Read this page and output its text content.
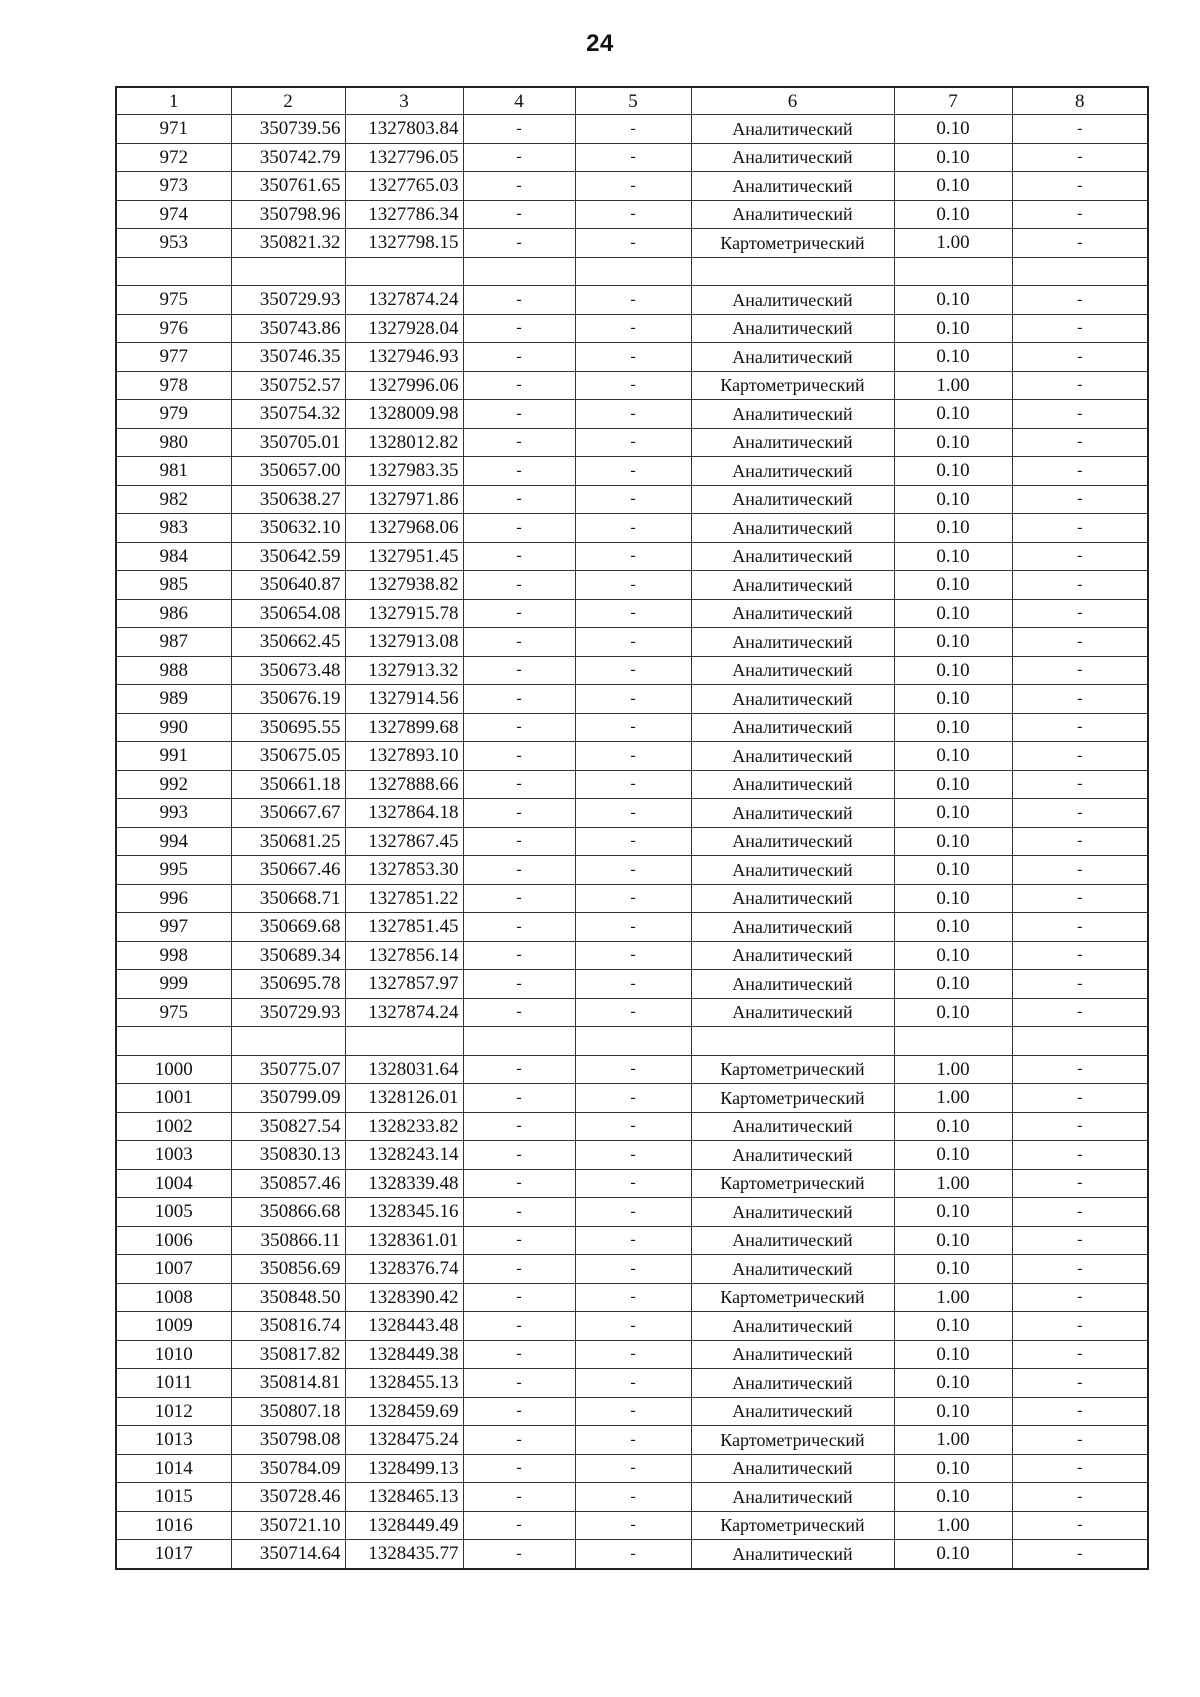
24
1	2	3	4	5	6	7	8
971	350739.56	1327803.84	-	-	Аналитический	0.10	-
972	350742.79	1327796.05	-	-	Аналитический	0.10	-
973	350761.65	1327765.03	-	-	Аналитический	0.10	-
974	350798.96	1327786.34	-	-	Аналитический	0.10	-
953	350821.32	1327798.15	-	-	Картометрический	1.00	-

975	350729.93	1327874.24	-	-	Аналитический	0.10	-
976	350743.86	1327928.04	-	-	Аналитический	0.10	-
977	350746.35	1327946.93	-	-	Аналитический	0.10	-
978	350752.57	1327996.06	-	-	Картометрический	1.00	-
979	350754.32	1328009.98	-	-	Аналитический	0.10	-
980	350705.01	1328012.82	-	-	Аналитический	0.10	-
981	350657.00	1327983.35	-	-	Аналитический	0.10	-
982	350638.27	1327971.86	-	-	Аналитический	0.10	-
983	350632.10	1327968.06	-	-	Аналитический	0.10	-
984	350642.59	1327951.45	-	-	Аналитический	0.10	-
985	350640.87	1327938.82	-	-	Аналитический	0.10	-
986	350654.08	1327915.78	-	-	Аналитический	0.10	-
987	350662.45	1327913.08	-	-	Аналитический	0.10	-
988	350673.48	1327913.32	-	-	Аналитический	0.10	-
989	350676.19	1327914.56	-	-	Аналитический	0.10	-
990	350695.55	1327899.68	-	-	Аналитический	0.10	-
991	350675.05	1327893.10	-	-	Аналитический	0.10	-
992	350661.18	1327888.66	-	-	Аналитический	0.10	-
993	350667.67	1327864.18	-	-	Аналитический	0.10	-
994	350681.25	1327867.45	-	-	Аналитический	0.10	-
995	350667.46	1327853.30	-	-	Аналитический	0.10	-
996	350668.71	1327851.22	-	-	Аналитический	0.10	-
997	350669.68	1327851.45	-	-	Аналитический	0.10	-
998	350689.34	1327856.14	-	-	Аналитический	0.10	-
999	350695.78	1327857.97	-	-	Аналитический	0.10	-
975	350729.93	1327874.24	-	-	Аналитический	0.10	-

1000	350775.07	1328031.64	-	-	Картометрический	1.00	-
1001	350799.09	1328126.01	-	-	Картометрический	1.00	-
1002	350827.54	1328233.82	-	-	Аналитический	0.10	-
1003	350830.13	1328243.14	-	-	Аналитический	0.10	-
1004	350857.46	1328339.48	-	-	Картометрический	1.00	-
1005	350866.68	1328345.16	-	-	Аналитический	0.10	-
1006	350866.11	1328361.01	-	-	Аналитический	0.10	-
1007	350856.69	1328376.74	-	-	Аналитический	0.10	-
1008	350848.50	1328390.42	-	-	Картометрический	1.00	-
1009	350816.74	1328443.48	-	-	Аналитический	0.10	-
1010	350817.82	1328449.38	-	-	Аналитический	0.10	-
1011	350814.81	1328455.13	-	-	Аналитический	0.10	-
1012	350807.18	1328459.69	-	-	Аналитический	0.10	-
1013	350798.08	1328475.24	-	-	Картометрический	1.00	-
1014	350784.09	1328499.13	-	-	Аналитический	0.10	-
1015	350728.46	1328465.13	-	-	Аналитический	0.10	-
1016	350721.10	1328449.49	-	-	Картометрический	1.00	-
1017	350714.64	1328435.77	-	-	Аналитический	0.10	-
